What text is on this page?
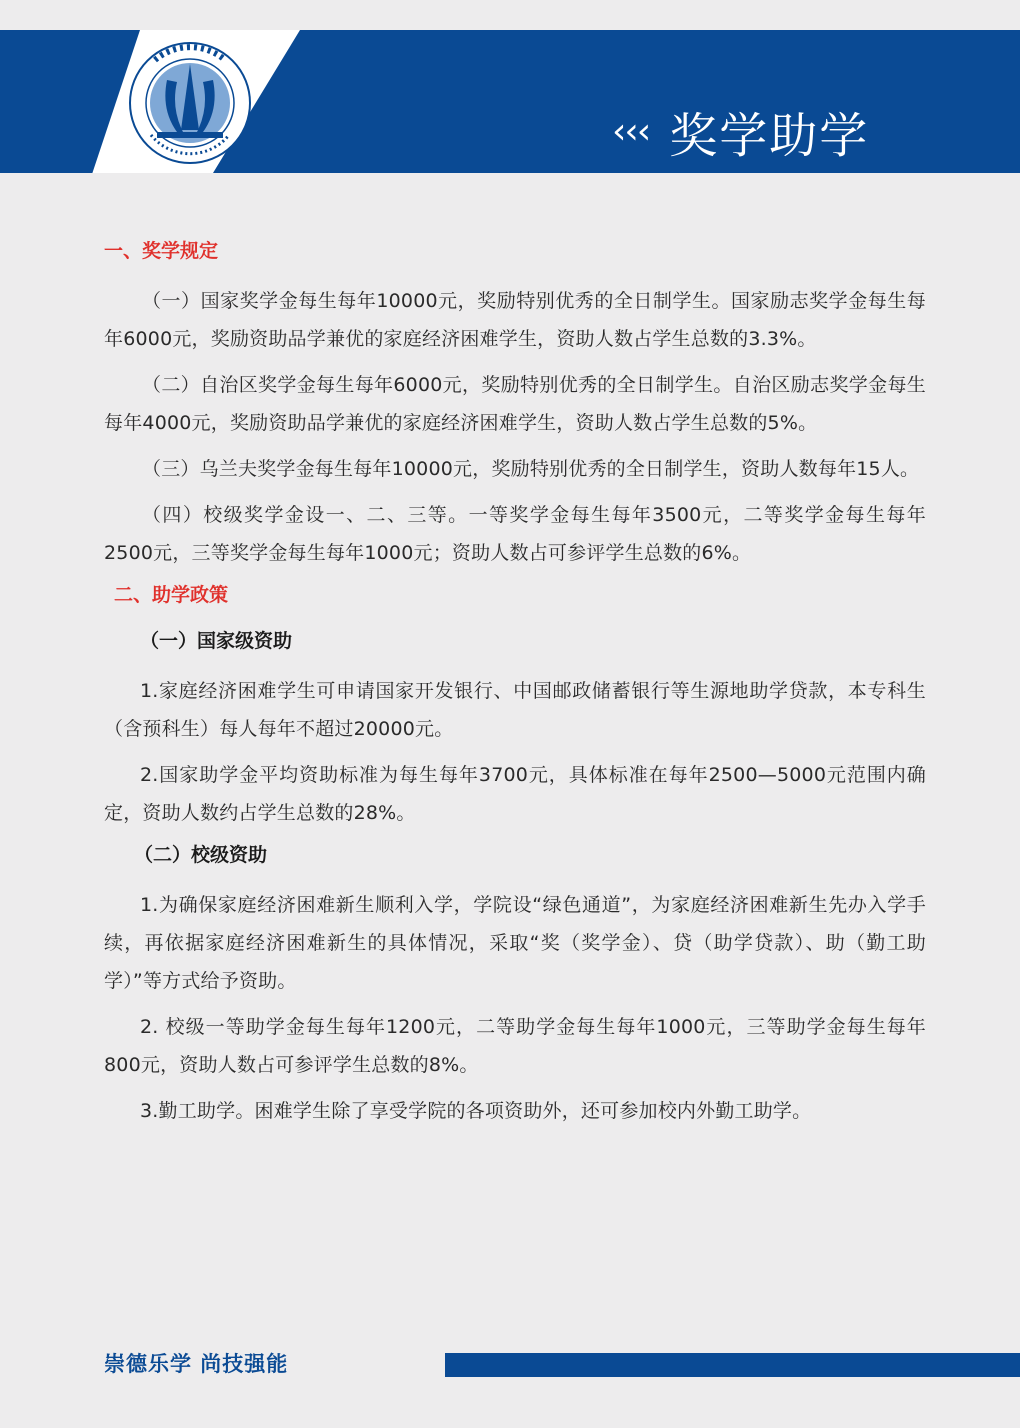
‹‹‹ 奖学助学
一、奖学规定

（一）国家奖学金每生每年10000元，奖励特别优秀的全日制学生。国家励志奖学金每生每年6000元，奖励资助品学兼优的家庭经济困难学生，资助人数占学生总数的3.3%。

（二）自治区奖学金每生每年6000元，奖励特别优秀的全日制学生。自治区励志奖学金每生每年4000元，奖励资助品学兼优的家庭经济困难学生，资助人数占学生总数的5%。

（三）乌兰夫奖学金每生每年10000元，奖励特别优秀的全日制学生，资助人数每年15人。

（四）校级奖学金设一、二、三等。一等奖学金每生每年3500元，二等奖学金每生每年2500元，三等奖学金每生每年1000元；资助人数占可参评学生总数的6%。

二、助学政策
（一）国家级资助

1.家庭经济困难学生可申请国家开发银行、中国邮政储蓄银行等生源地助学贷款，本专科生（含预科生）每人每年不超过20000元。

2.国家助学金平均资助标准为每生每年3700元，具体标准在每年2500—5000元范围内确定，资助人数约占学生总数的28%。

（二）校级资助

1.为确保家庭经济困难新生顺利入学，学院设“绿色通道”，为家庭经济困难新生先办入学手续，再依据家庭经济困难新生的具体情况，采取“奖（奖学金）、贷（助学贷款）、助（勤工助学）”等方式给予资助。

2. 校级一等助学金每生每年1200元，二等助学金每生每年1000元，三等助学金每生每年800元，资助人数占可参评学生总数的8%。

3.勤工助学。困难学生除了享受学院的各项资助外，还可参加校内外勤工助学。

崇德乐学 尚技强能
